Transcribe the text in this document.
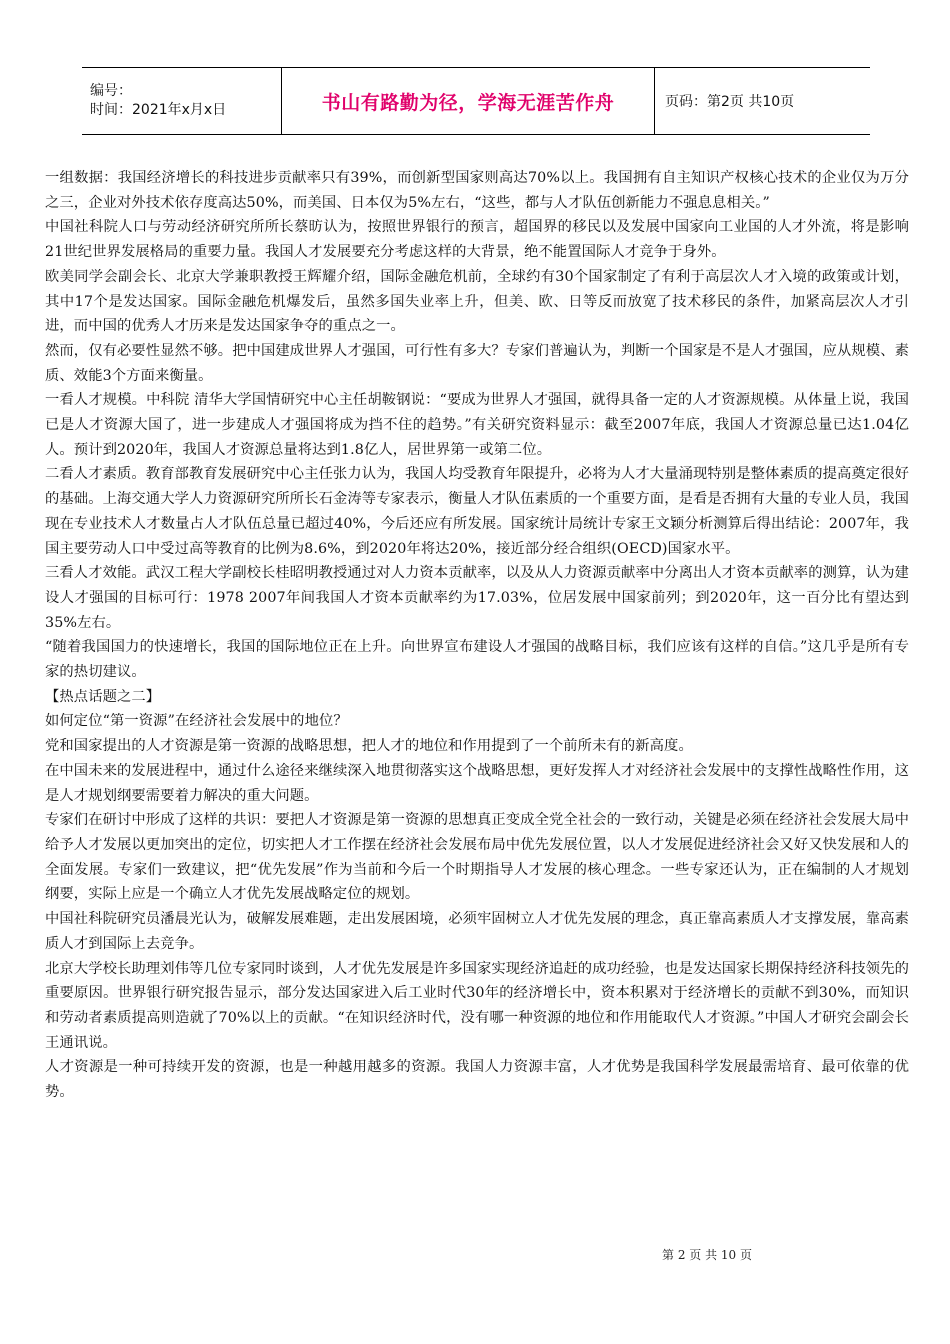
编号：
时间：2021年x月x日	书山有路勤为径，学海无涯苦作舟	页码：第2页 共10页

一组数据：我国经济增长的科技进步贡献率只有39%，而创新型国家则高达70%以上。我国拥有自主知识产权核心技术的企业仅为万分之三，企业对外技术依存度高达50%，而美国、日本仅为5%左右，“这些，都与人才队伍创新能力不强息息相关。”

中国社科院人口与劳动经济研究所所长蔡昉认为，按照世界银行的预言，超国界的移民以及发展中国家向工业国的人才外流，将是影响21世纪世界发展格局的重要力量。我国人才发展要充分考虑这样的大背景，绝不能置国际人才竞争于身外。

欧美同学会副会长、北京大学兼职教授王辉耀介绍，国际金融危机前，全球约有30个国家制定了有利于高层次人才入境的政策或计划，其中17个是发达国家。国际金融危机爆发后，虽然多国失业率上升，但美、欧、日等反而放宽了技术移民的条件，加紧高层次人才引进，而中国的优秀人才历来是发达国家争夺的重点之一。

然而，仅有必要性显然不够。把中国建成世界人才强国，可行性有多大？专家们普遍认为，判断一个国家是不是人才强国，应从规模、素质、效能3个方面来衡量。

一看人才规模。中科院 清华大学国情研究中心主任胡鞍钢说：“要成为世界人才强国，就得具备一定的人才资源规模。从体量上说，我国已是人才资源大国了，进一步建成人才强国将成为挡不住的趋势。”有关研究资料显示：截至2007年底，我国人才资源总量已达1.04亿人。预计到2020年，我国人才资源总量将达到1.8亿人，居世界第一或第二位。

二看人才素质。教育部教育发展研究中心主任张力认为，我国人均受教育年限提升，必将为人才大量涌现特别是整体素质的提高奠定很好的基础。上海交通大学人力资源研究所所长石金涛等专家表示，衡量人才队伍素质的一个重要方面，是看是否拥有大量的专业人员，我国现在专业技术人才数量占人才队伍总量已超过40%，今后还应有所发展。国家统计局统计专家王文颖分析测算后得出结论：2007年，我国主要劳动人口中受过高等教育的比例为8.6%，到2020年将达20%，接近部分经合组织(OECD)国家水平。

三看人才效能。武汉工程大学副校长桂昭明教授通过对人力资本贡献率，以及从人力资源贡献率中分离出人才资本贡献率的测算，认为建设人才强国的目标可行：1978 2007年间我国人才资本贡献率约为17.03%，位居发展中国家前列；到2020年，这一百分比有望达到35%左右。

“随着我国国力的快速增长，我国的国际地位正在上升。向世界宣布建设人才强国的战略目标，我们应该有这样的自信。”这几乎是所有专家的热切建议。

【热点话题之二】

如何定位“第一资源”在经济社会发展中的地位？

党和国家提出的人才资源是第一资源的战略思想，把人才的地位和作用提到了一个前所未有的新高度。

在中国未来的发展进程中，通过什么途径来继续深入地贯彻落实这个战略思想，更好发挥人才对经济社会发展中的支撑性战略性作用，这是人才规划纲要需要着力解决的重大问题。

专家们在研讨中形成了这样的共识：要把人才资源是第一资源的思想真正变成全党全社会的一致行动，关键是必须在经济社会发展大局中给予人才发展以更加突出的定位，切实把人才工作摆在经济社会发展布局中优先发展位置，以人才发展促进经济社会又好又快发展和人的全面发展。专家们一致建议，把“优先发展”作为当前和今后一个时期指导人才发展的核心理念。一些专家还认为，正在编制的人才规划纲要，实际上应是一个确立人才优先发展战略定位的规划。

中国社科院研究员潘晨光认为，破解发展难题，走出发展困境，必须牢固树立人才优先发展的理念，真正靠高素质人才支撑发展，靠高素质人才到国际上去竞争。

北京大学校长助理刘伟等几位专家同时谈到，人才优先发展是许多国家实现经济追赶的成功经验，也是发达国家长期保持经济科技领先的重要原因。世界银行研究报告显示，部分发达国家进入后工业时代30年的经济增长中，资本积累对于经济增长的贡献不到30%，而知识和劳动者素质提高则造就了70%以上的贡献。“在知识经济时代，没有哪一种资源的地位和作用能取代人才资源。”中国人才研究会副会长王通讯说。

人才资源是一种可持续开发的资源，也是一种越用越多的资源。我国人力资源丰富，人才优势是我国科学发展最需培育、最可依靠的优势。

第 2 页 共 10 页
